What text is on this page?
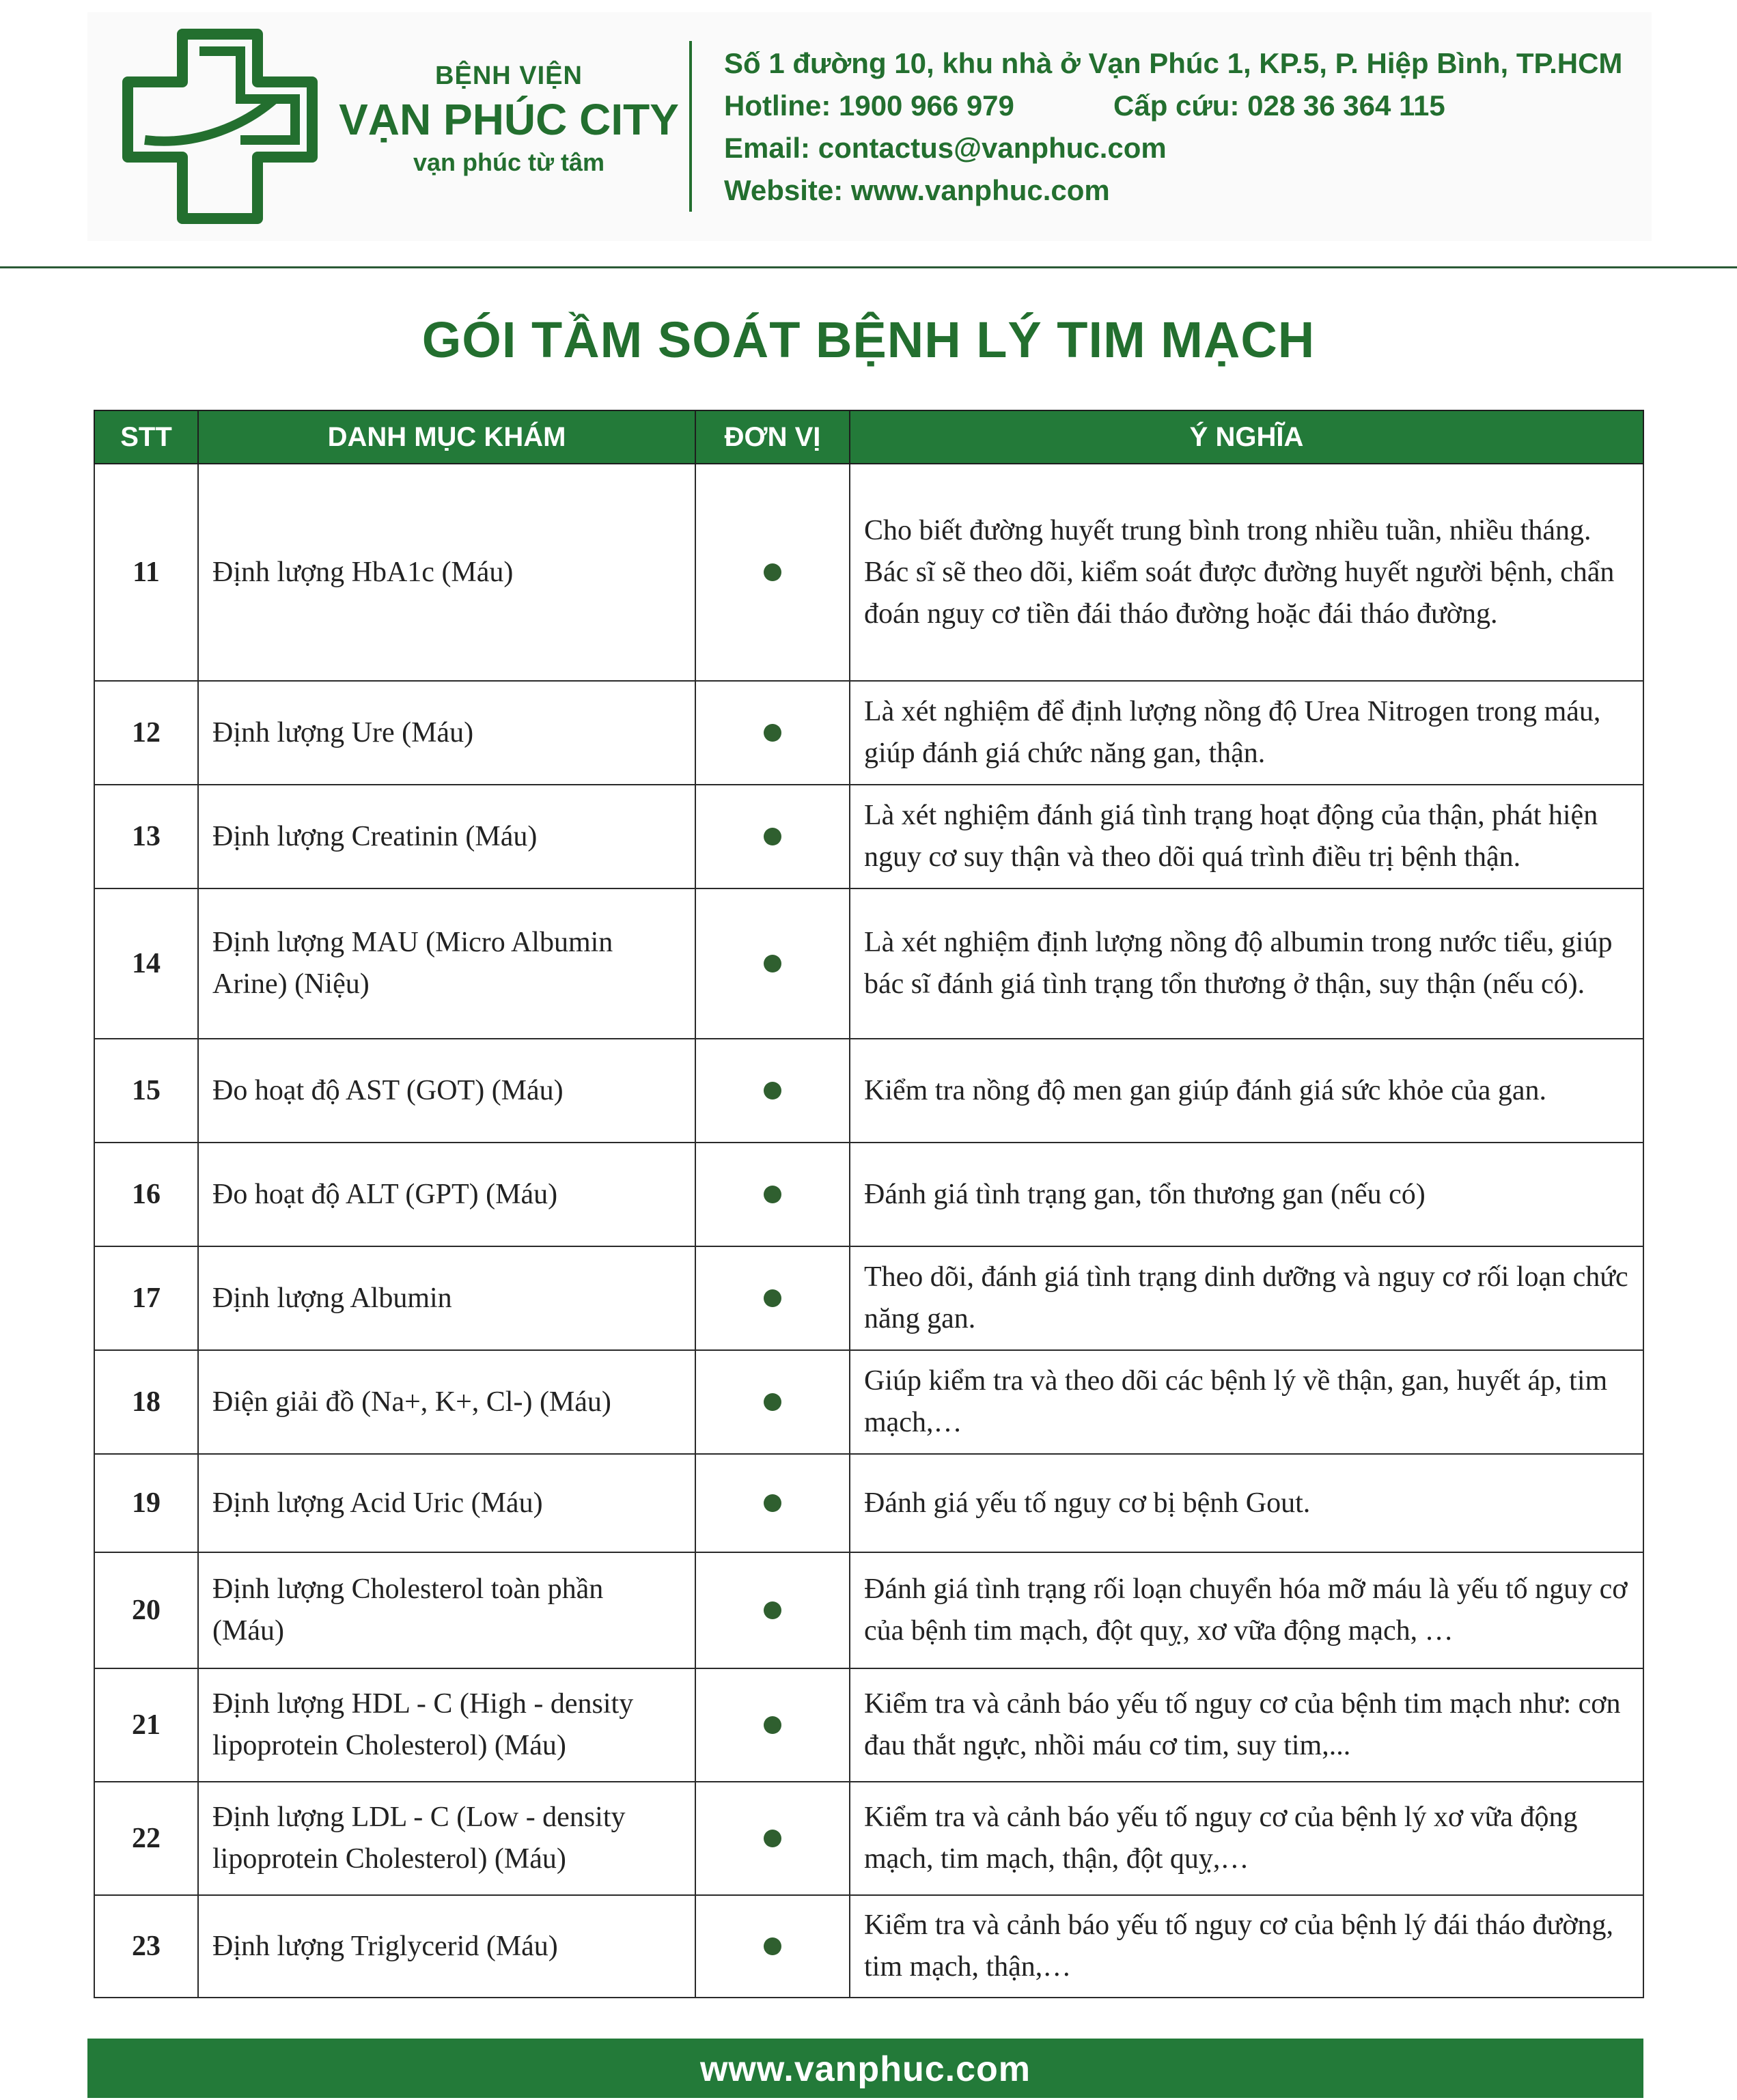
BỆNH VIỆN
VẠN PHÚC CITY
vạn phúc từ tâm
Số 1 đường 10, khu nhà ở Vạn Phúc 1, KP.5, P. Hiệp Bình, TP.HCM
Hotline: 1900 966 979	Cấp cứu: 028 36 364 115
Email: contactus@vanphuc.com
Website: www.vanphuc.com
GÓI TẦM SOÁT BỆNH LÝ TIM MẠCH
STT	DANH MỤC KHÁM	ĐƠN VỊ	Ý NGHĨA
11	Định lượng HbA1c (Máu)		Cho biết đường huyết trung bình trong nhiều tuần, nhiều tháng.
Bác sĩ sẽ theo dõi, kiểm soát được đường huyết người bệnh, chẩn đoán nguy cơ tiền đái tháo đường hoặc đái tháo đường.

12	Định lượng Ure (Máu)		Là xét nghiệm để định lượng nồng độ Urea Nitrogen trong máu, giúp đánh giá chức năng gan, thận.
13	Định lượng Creatinin (Máu)		Là xét nghiệm đánh giá tình trạng hoạt động của thận, phát hiện nguy cơ suy thận và theo dõi quá trình điều trị bệnh thận.
14	Định lượng MAU (Micro Albumin Arine) (Niệu)		Là xét nghiệm định lượng nồng độ albumin trong nước tiểu, giúp bác sĩ đánh giá tình trạng tổn thương ở thận, suy thận (nếu có).
15	Đo hoạt độ AST (GOT) (Máu)		Kiểm tra nồng độ men gan giúp đánh giá sức khỏe của gan.
16	Đo hoạt độ ALT (GPT) (Máu)		Đánh giá tình trạng gan, tổn thương gan (nếu có)
17	Định lượng Albumin		Theo dõi, đánh giá tình trạng dinh dưỡng và nguy cơ rối loạn chức năng gan.
18	Điện giải đồ (Na+, K+, Cl-) (Máu)		Giúp kiểm tra và theo dõi các bệnh lý về thận, gan, huyết áp, tim mạch,…
19	Định lượng Acid Uric (Máu)		Đánh giá yếu tố nguy cơ bị bệnh Gout.
20	Định lượng Cholesterol toàn phần (Máu)		Đánh giá tình trạng rối loạn chuyển hóa mỡ máu là yếu tố nguy cơ của bệnh tim mạch, đột quỵ, xơ vữa động mạch, …
21	Định lượng HDL - C (High - density lipoprotein Cholesterol) (Máu)		Kiểm tra và cảnh báo yếu tố nguy cơ của bệnh tim mạch như: cơn đau thắt ngực, nhồi máu cơ tim, suy tim,...
22	Định lượng LDL - C (Low - density lipoprotein Cholesterol) (Máu)		Kiểm tra và cảnh báo yếu tố nguy cơ của bệnh lý xơ vữa động mạch, tim mạch, thận, đột quỵ,…
23	Định lượng Triglycerid (Máu)		Kiểm tra và cảnh báo yếu tố nguy cơ của bệnh lý đái tháo đường, tim mạch, thận,…
www.vanphuc.com
